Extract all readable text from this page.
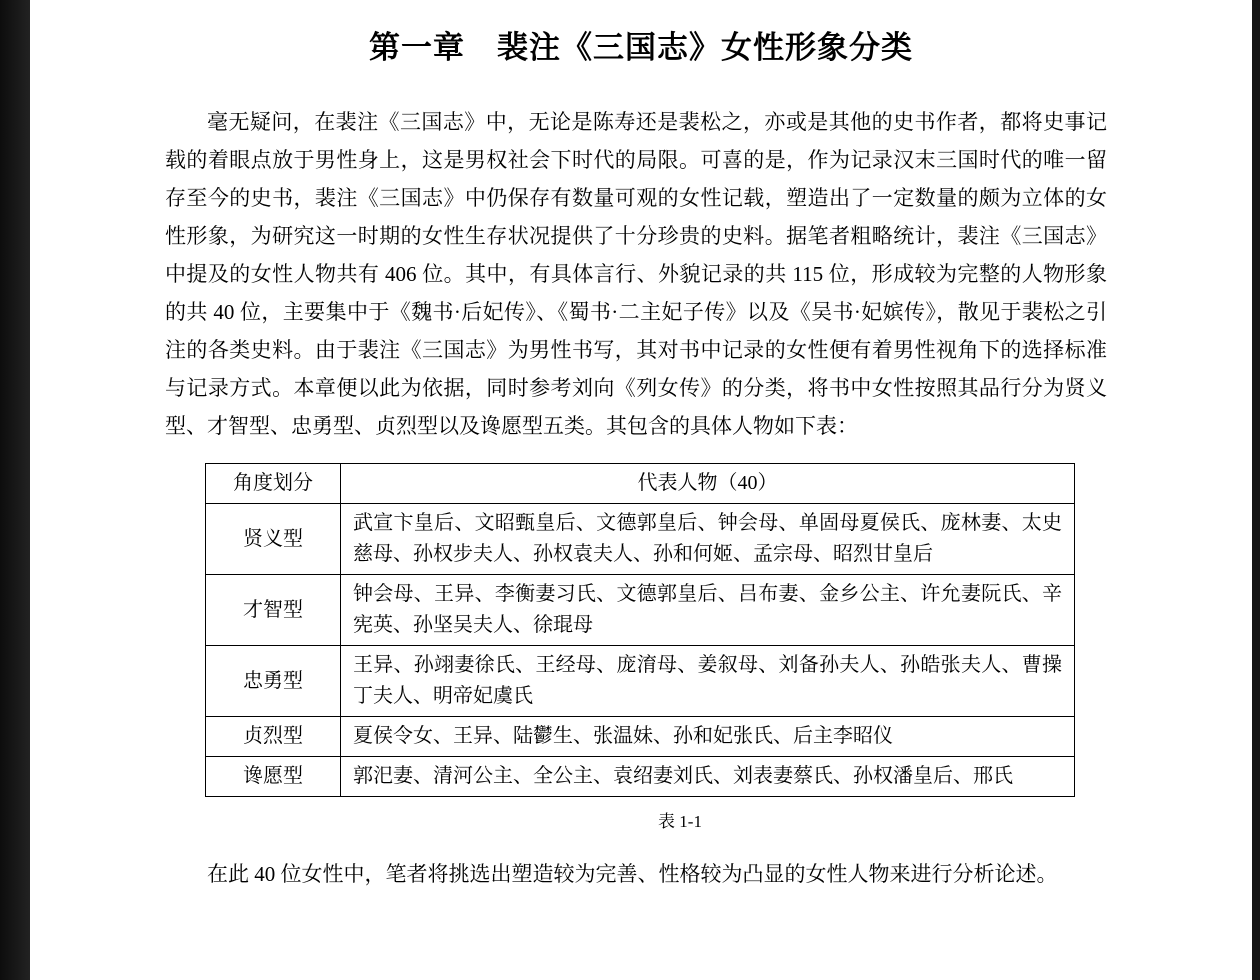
第一章　裴注《三国志》女性形象分类

毫无疑问，在裴注《三国志》中，无论是陈寿还是裴松之，亦或是其他的史书作者，都将史事记载的着眼点放于男性身上，这是男权社会下时代的局限。可喜的是，作为记录汉末三国时代的唯一留存至今的史书，裴注《三国志》中仍保存有数量可观的女性记载，塑造出了一定数量的颇为立体的女性形象，为研究这一时期的女性生存状况提供了十分珍贵的史料。据笔者粗略统计，裴注《三国志》中提及的女性人物共有 406 位。其中，有具体言行、外貌记录的共 115 位，形成较为完整的人物形象的共 40 位，主要集中于《魏书·后妃传》、《蜀书·二主妃子传》以及《吴书·妃嫔传》，散见于裴松之引注的各类史料。由于裴注《三国志》为男性书写，其对书中记录的女性便有着男性视角下的选择标准与记录方式。本章便以此为依据，同时参考刘向《列女传》的分类，将书中女性按照其品行分为贤义型、才智型、忠勇型、贞烈型以及谗愿型五类。其包含的具体人物如下表：

角度划分	代表人物（40）
贤义型	武宣卞皇后、文昭甄皇后、文德郭皇后、钟会母、单固母夏侯氏、庞林妻、太史慈母、孙权步夫人、孙权袁夫人、孙和何姬、孟宗母、昭烈甘皇后
才智型	钟会母、王异、李衡妻习氏、文德郭皇后、吕布妻、金乡公主、许允妻阮氏、辛宪英、孙坚吴夫人、徐琨母
忠勇型	王异、孙翊妻徐氏、王经母、庞淯母、姜叙母、刘备孙夫人、孙皓张夫人、曹操丁夫人、明帝妃虞氏
贞烈型	夏侯令女、王异、陆鬱生、张温妹、孙和妃张氏、后主李昭仪
谗愿型	郭汜妻、清河公主、全公主、袁绍妻刘氏、刘表妻蔡氏、孙权潘皇后、邢氏
表 1-1

在此 40 位女性中，笔者将挑选出塑造较为完善、性格较为凸显的女性人物来进行分析论述。
